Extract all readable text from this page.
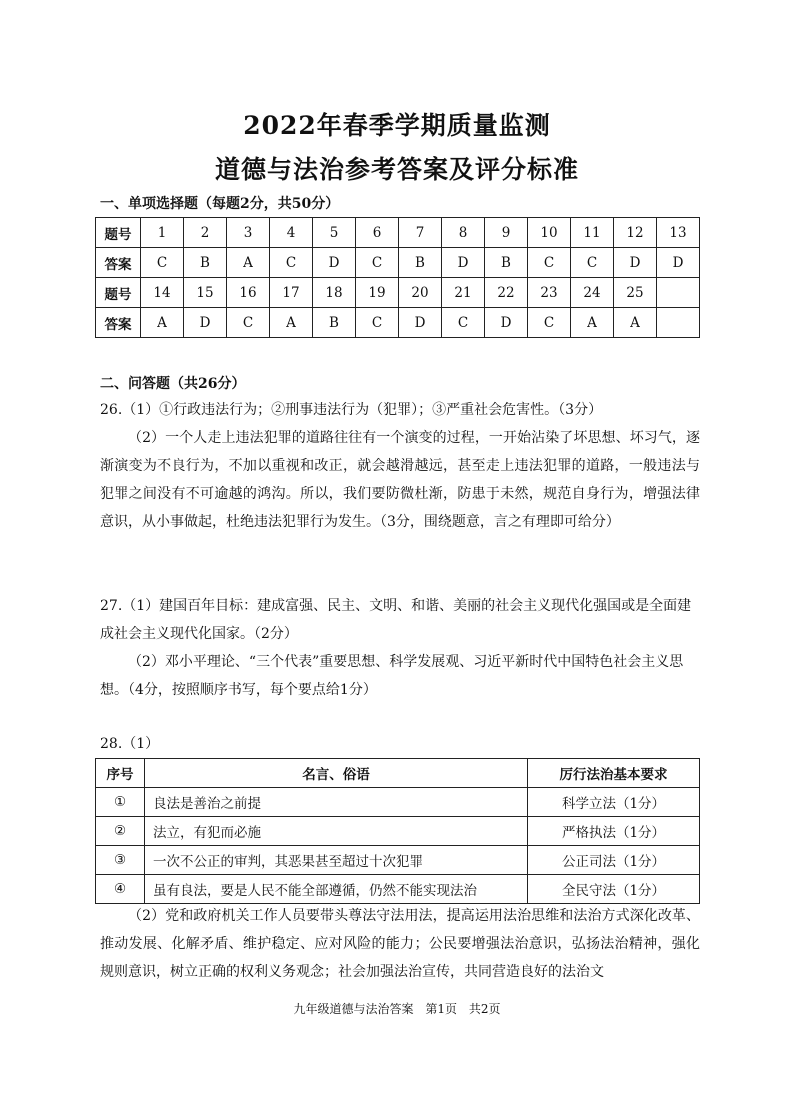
2022年春季学期质量监测
道德与法治参考答案及评分标准
一、单项选择题（每题2分，共50分）
题号	1	2	3	4	5	6	7	8	9	10	11	12	13
答案	C	B	A	C	D	C	B	D	B	C	C	D	D
题号	14	15	16	17	18	19	20	21	22	23	24	25	
答案	A	D	C	A	B	C	D	C	D	C	A	A	
二、问答题（共26分）
26.（1）①行政违法行为；②刑事违法行为（犯罪）；③严重社会危害性。（3分）
（2）一个人走上违法犯罪的道路往往有一个演变的过程，一开始沾染了坏思想、坏习气，逐渐演变为不良行为，不加以重视和改正，就会越滑越远，甚至走上违法犯罪的道路，一般违法与犯罪之间没有不可逾越的鸿沟。所以，我们要防微杜渐，防患于未然，规范自身行为，增强法律意识，从小事做起，杜绝违法犯罪行为发生。（3分，围绕题意，言之有理即可给分）
27.（1）建国百年目标：建成富强、民主、文明、和谐、美丽的社会主义现代化强国或是全面建成社会主义现代化国家。（2分）
（2）邓小平理论、“三个代表”重要思想、科学发展观、习近平新时代中国特色社会主义思想。（4分，按照顺序书写，每个要点给1分）
28.（1）
序号	名言、俗语	厉行法治基本要求
①	良法是善治之前提	科学立法（1分）
②	法立，有犯而必施	严格执法（1分）
③	一次不公正的审判，其恶果甚至超过十次犯罪	公正司法（1分）
④	虽有良法，要是人民不能全部遵循，仍然不能实现法治	全民守法（1分）
（2）党和政府机关工作人员要带头尊法守法用法，提高运用法治思维和法治方式深化改革、推动发展、化解矛盾、维护稳定、应对风险的能力；公民要增强法治意识，弘扬法治精神，强化规则意识，树立正确的权利义务观念；社会加强法治宣传，共同营造良好的法治文
九年级道德与法治答案 第1页 共2页
